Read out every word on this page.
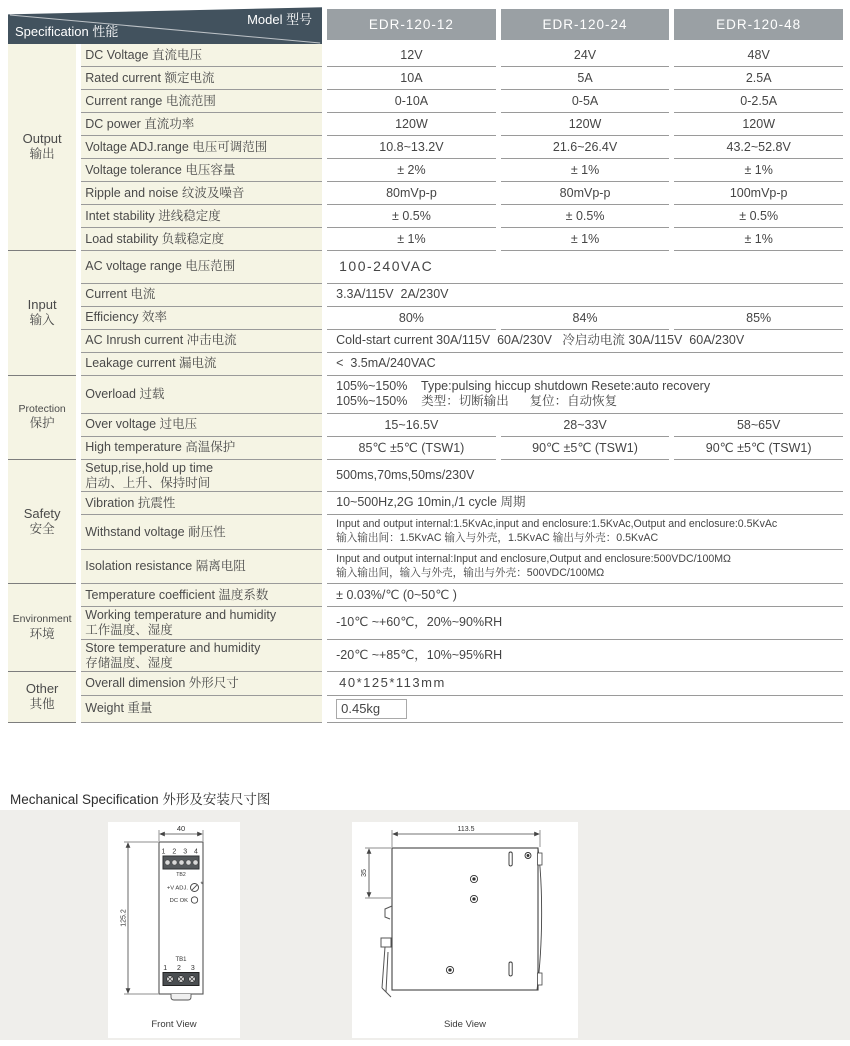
Model 型号
Specification 性能		EDR-120-12	EDR-120-24	EDR-120-48

Output
输出	DC Voltage 直流电压	12V	24V	48V
	Rated current 额定电流	10A	5A	2.5A
	Current range 电流范围	0-10A	0-5A	0-2.5A
	DC power 直流功率	120W	120W	120W
	Voltage ADJ.range 电压可调范围	10.8~13.2V	21.6~26.4V	43.2~52.8V
	Voltage tolerance 电压容量	± 2%	± 1%	± 1%
	Ripple and noise 纹波及噪音	80mVp-p	80mVp-p	100mVp-p
	Intet stability 进线稳定度	± 0.5%	± 0.5%	± 0.5%
	Load stability 负载稳定度	± 1%	± 1%	± 1%

Input
输入	AC voltage range 电压范围	100-240VAC		
	Current 电流	3.3A/115V  2A/230V		
	Efficiency 效率	80%	84%	85%
	AC Inrush current 冲击电流	Cold-start current 30A/115V  60A/230V   冷启动电流 30A/115V  60A/230V		
	Leakage current 漏电流	<  3.5mA/240VAC		

Protection
保护
	Overload 过载	105%~150%    Type:pulsing hiccup shutdown Resete:auto recovery
105%~150%    类型：切断输出      复位：自动恢复
	Over voltage 过电压	15~16.5V	28~33V	58~65V
	High temperature 高温保护	85℃ ±5℃ (TSW1)	90℃ ±5℃ (TSW1)	90℃ ±5℃ (TSW1)

Safety
安全
	Setup,rise,hold up time
启动、上升、保持时间	500ms,70ms,50ms/230V
	Vibration 抗震性	10~500Hz,2G 10min,/1 cycle 周期		
	Withstand voltage 耐压性	Input and output internal:1.5KvAc,input and enclosure:1.5KvAc,Output and enclosure:0.5KvAc
输入输出间：1.5KvAC 输入与外壳，1.5KvAC 输出与外壳：0.5KvAC		
	Isolation resistance 隔离电阻	Input and output internal:Input and enclosure,Output and enclosure:500VDC/100MΩ
输入输出间，输入与外壳，输出与外壳：500VDC/100MΩ		

Environment
环境	Temperature coefficient 温度系数	± 0.03%/℃ (0~50℃ )		
	Working temperature and humidity
工作温度、湿度	-10℃ ~+60℃，20%~90%RH		
	Store temperature and humidity
存储温度、湿度	-20℃ ~+85℃，10%~95%RH		

Other
其他	Overall dimension 外形尺寸	40*125*113mm		
	Weight 重量	0.45kg		
Mechanical Specification 外形及安装尺寸图
40
1 2 3 4
TB2
+V ADJ. *
DC OK
125.2
TB1
1 2 3
Front View
113.5
35
Side View
